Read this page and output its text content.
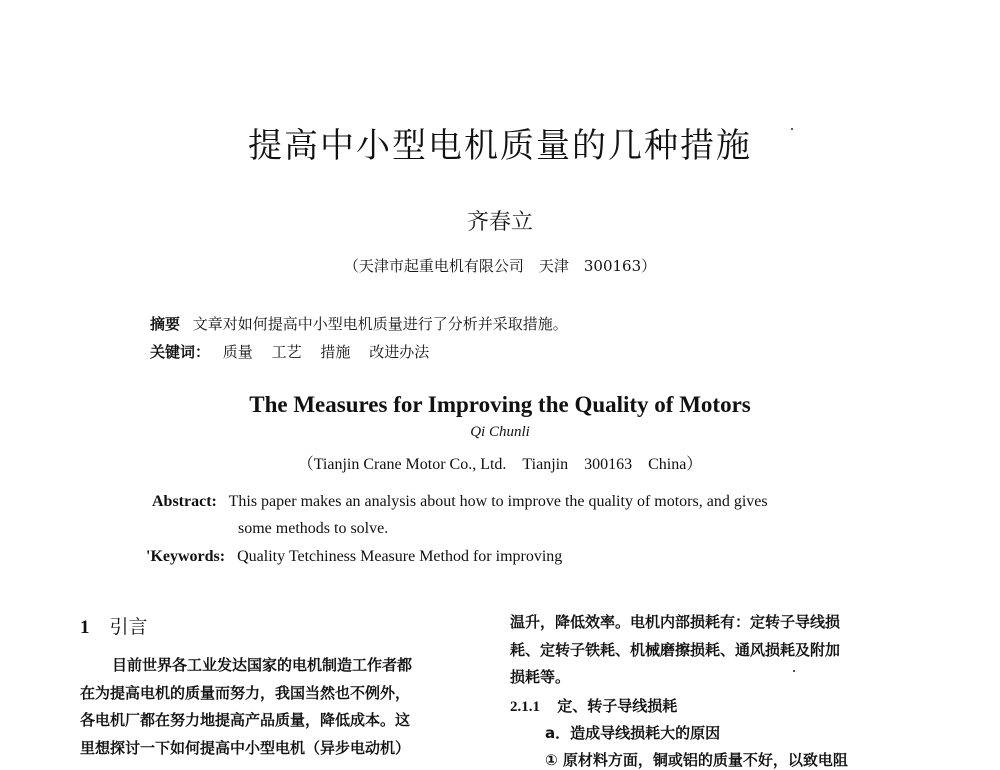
提高中小型电机质量的几种措施
齐春立
（天津市起重电机有限公司　天津　300163）
摘要 文章对如何提高中小型电机质量进行了分析并采取措施。
关键词： 质量 工艺 措施 改进办法
The Measures for Improving the Quality of Motors
Qi Chunli
（Tianjin Crane Motor Co., Ltd.　Tianjin　300163　China）
Abstract: This paper makes an analysis about how to improve the quality of motors, and gives
some methods to solve.
'Keywords: Quality Tetchiness Measure Method for improving
1 引言
目前世界各工业发达国家的电机制造工作者都
在为提高电机的质量而努力，我国当然也不例外，
各电机厂都在努力地提高产品质量，降低成本。这
里想探讨一下如何提高中小型电机（异步电动机）
温升，降低效率。电机内部损耗有：定转子导线损
耗、定转子铁耗、机械磨擦损耗、通风损耗及附加
损耗等。
2.1.1 定、转子导线损耗
a．造成导线损耗大的原因
① 原材料方面，铜或铝的质量不好，以致电阻
